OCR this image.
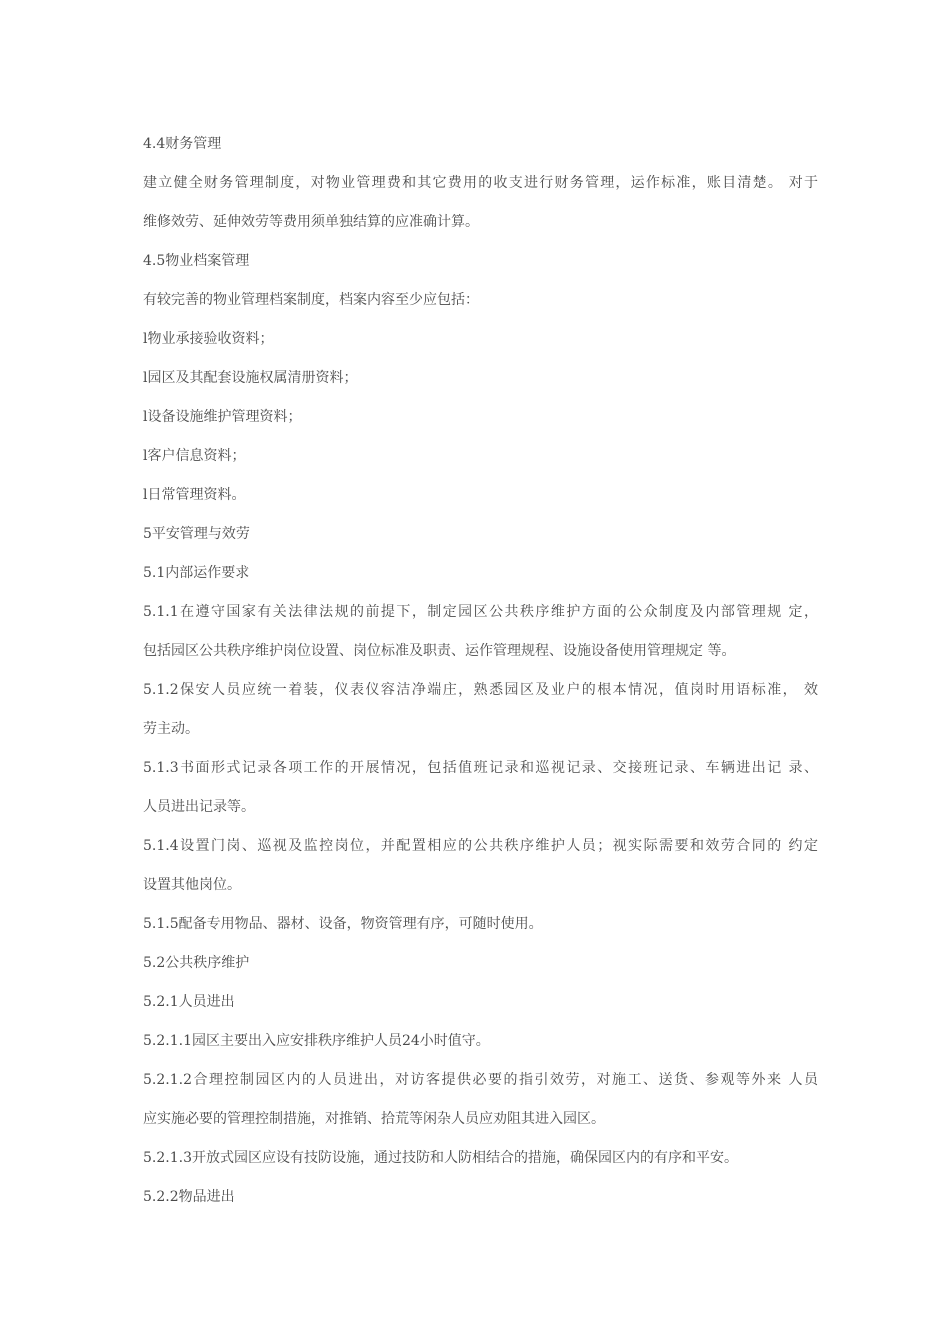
4.4财务管理
建立健全财务管理制度，对物业管理费和其它费用的收支进行财务管理，运作标准，账目清楚。 对于
维修效劳、延伸效劳等费用须单独结算的应准确计算。
4.5物业档案管理
有较完善的物业管理档案制度，档案内容至少应包括：
l物业承接验收资料；
l园区及其配套设施权属清册资料；
l设备设施维护管理资料；
l客户信息资料；
l日常管理资料。
5平安管理与效劳
5.1内部运作要求
5.1.1在遵守国家有关法律法规的前提下，制定园区公共秩序维护方面的公众制度及内部管理规 定，
包括园区公共秩序维护岗位设置、岗位标准及职责、运作管理规程、设施设备使用管理规定 等。
5.1.2保安人员应统一着装，仪表仪容洁净端庄，熟悉园区及业户的根本情况，值岗时用语标准， 效
劳主动。
5.1.3书面形式记录各项工作的开展情况，包括值班记录和巡视记录、交接班记录、车辆进出记 录、
人员进出记录等。
5.1.4设置门岗、巡视及监控岗位，并配置相应的公共秩序维护人员；视实际需要和效劳合同的 约定
设置其他岗位。
5.1.5配备专用物品、器材、设备，物资管理有序，可随时使用。
5.2公共秩序维护
5.2.1人员进出
5.2.1.1园区主要出入应安排秩序维护人员24小时值守。
5.2.1.2合理控制园区内的人员进出，对访客提供必要的指引效劳，对施工、送货、参观等外来 人员
应实施必要的管理控制措施，对推销、拾荒等闲杂人员应劝阻其进入园区。
5.2.1.3开放式园区应设有技防设施，通过技防和人防相结合的措施，确保园区内的有序和平安。
5.2.2物品进出
